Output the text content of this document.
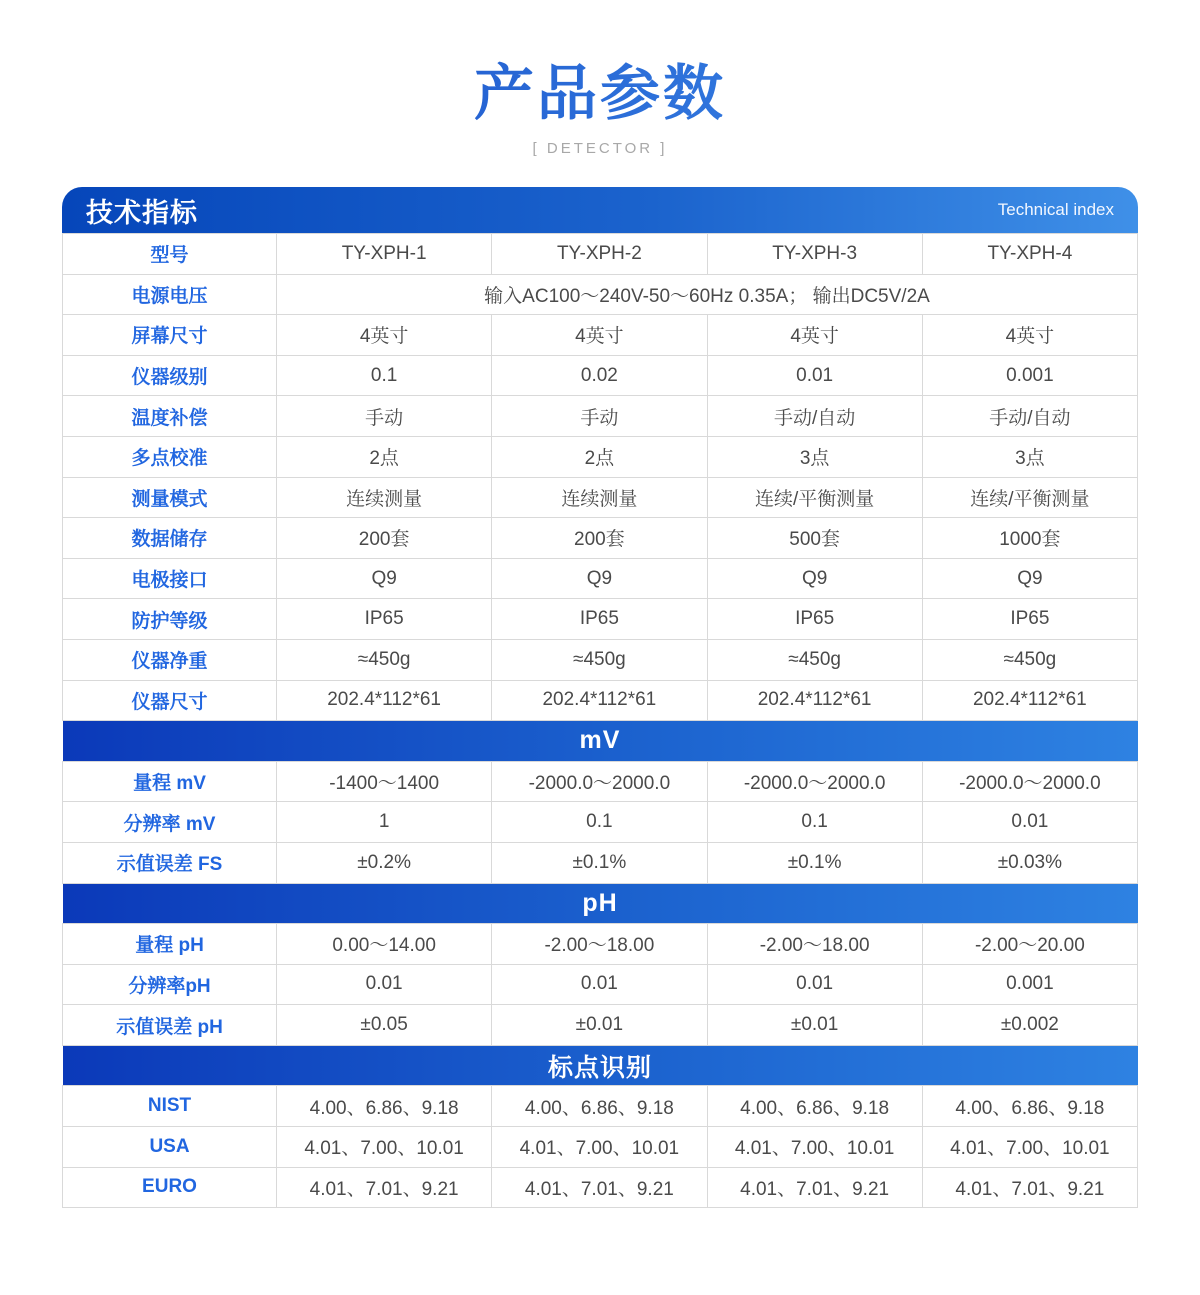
产品参数
[ DETECTOR ]
技术指标	Technical index
型号	TY-XPH-1	TY-XPH-2	TY-XPH-3	TY-XPH-4
电源电压	输入AC100～240V-50～60Hz 0.35A； 输出DC5V/2A			
屏幕尺寸	4英寸	4英寸	4英寸	4英寸
仪器级别	0.1	0.02	0.01	0.001
温度补偿	手动	手动	手动/自动	手动/自动
多点校准	2点	2点	3点	3点
测量模式	连续测量	连续测量	连续/平衡测量	连续/平衡测量
数据储存	200套	200套	500套	1000套
电极接口	Q9	Q9	Q9	Q9
防护等级	IP65	IP65	IP65	IP65
仪器净重	≈450g	≈450g	≈450g	≈450g
仪器尺寸	202.4*112*61	202.4*112*61	202.4*112*61	202.4*112*61
mV				
量程 mV	-1400～1400	-2000.0～2000.0	-2000.0～2000.0	-2000.0～2000.0
分辨率 mV	1	0.1	0.1	0.01
示值误差 FS	±0.2%	±0.1%	±0.1%	±0.03%
pH				
量程 pH	0.00～14.00	-2.00～18.00	-2.00～18.00	-2.00～20.00
分辨率pH	0.01	0.01	0.01	0.001
示值误差 pH	±0.05	±0.01	±0.01	±0.002
标点识别				
NIST	4.00、6.86、9.18	4.00、6.86、9.18	4.00、6.86、9.18	4.00、6.86、9.18
USA	4.01、7.00、10.01	4.01、7.00、10.01	4.01、7.00、10.01	4.01、7.00、10.01
EURO	4.01、7.01、9.21	4.01、7.01、9.21	4.01、7.01、9.21	4.01、7.01、9.21
